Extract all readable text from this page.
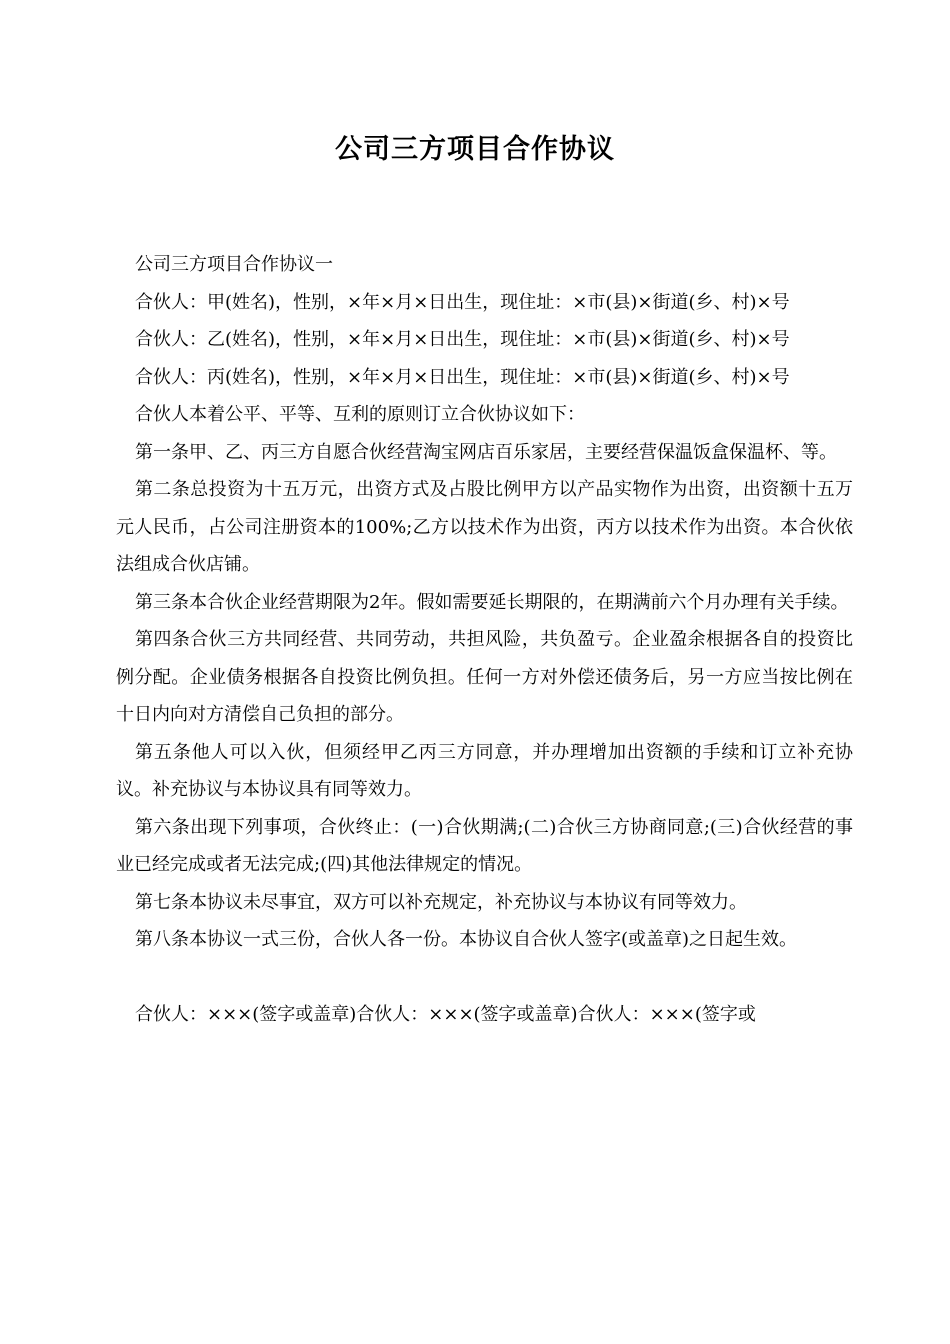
公司三方项目合作协议

公司三方项目合作协议一

合伙人：甲(姓名)，性别，×年×月×日出生，现住址：×市(县)×街道(乡、村)×号

合伙人：乙(姓名)，性别，×年×月×日出生，现住址：×市(县)×街道(乡、村)×号

合伙人：丙(姓名)，性别，×年×月×日出生，现住址：×市(县)×街道(乡、村)×号

合伙人本着公平、平等、互利的原则订立合伙协议如下：

第一条甲、乙、丙三方自愿合伙经营淘宝网店百乐家居，主要经营保温饭盒保温杯、等。

第二条总投资为十五万元，出资方式及占股比例甲方以产品实物作为出资，出资额十五万元人民币，占公司注册资本的100%;乙方以技术作为出资，丙方以技术作为出资。本合伙依法组成合伙店铺。

第三条本合伙企业经营期限为2年。假如需要延长期限的，在期满前六个月办理有关手续。

第四条合伙三方共同经营、共同劳动，共担风险，共负盈亏。企业盈余根据各自的投资比例分配。企业债务根据各自投资比例负担。任何一方对外偿还债务后，另一方应当按比例在十日内向对方清偿自己负担的部分。

第五条他人可以入伙，但须经甲乙丙三方同意，并办理增加出资额的手续和订立补充协议。补充协议与本协议具有同等效力。

第六条出现下列事项，合伙终止：(一)合伙期满;(二)合伙三方协商同意;(三)合伙经营的事业已经完成或者无法完成;(四)其他法律规定的情况。

第七条本协议未尽事宜，双方可以补充规定，补充协议与本协议有同等效力。

第八条本协议一式三份，合伙人各一份。本协议自合伙人签字(或盖章)之日起生效。

合伙人：×××(签字或盖章)合伙人：×××(签字或盖章)合伙人：×××(签字或
